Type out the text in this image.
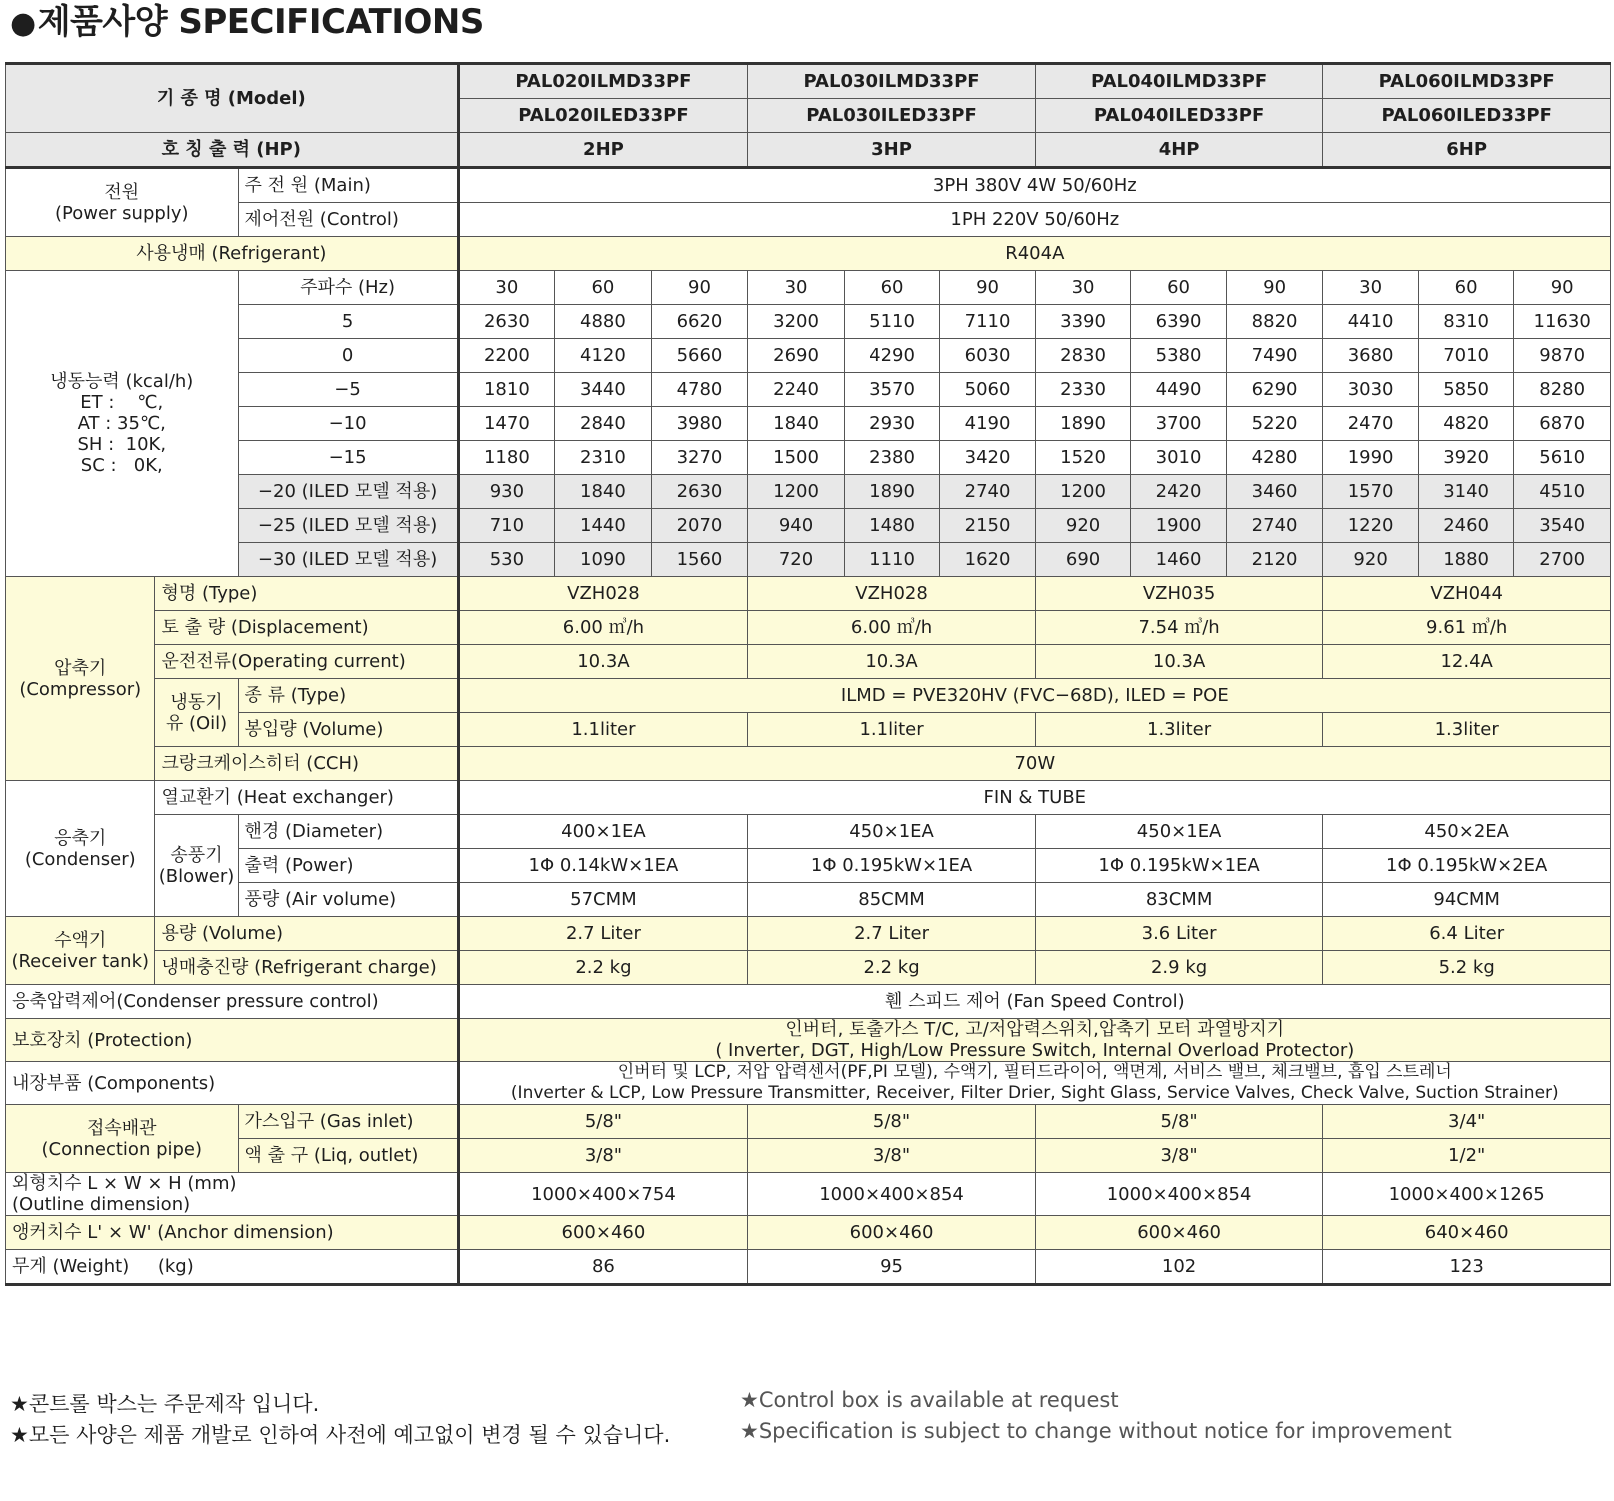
●제품사양 SPECIFICATIONS
기 종 명 (Model)			PAL020ILMD33PF			PAL030ILMD33PF			PAL040ILMD33PF			PAL060ILMD33PF		
			PAL020ILED33PF			PAL030ILED33PF			PAL040ILED33PF			PAL060ILED33PF		
호 칭 출 력 (HP)			2HP			3HP			4HP			6HP		

전원
(Power supply)		주 전 원 (Main)	3PH 380V 4W 50/60Hz											
		제어전원 (Control)	1PH 220V 50/60Hz											
사용냉매 (Refrigerant)			R404A											

냉동능력 (kcal/h)
ET :    ℃,
AT : 35℃,
SH :  10K,
SC :   0K,		주파수 (Hz)	30	60	90	30	60	90	30	60	90	30	60	90
		5	2630	4880	6620	3200	5110	7110	3390	6390	8820	4410	8310	11630
		0	2200	4120	5660	2690	4290	6030	2830	5380	7490	3680	7010	9870
		−5	1810	3440	4780	2240	3570	5060	2330	4490	6290	3030	5850	8280
		−10	1470	2840	3980	1840	2930	4190	1890	3700	5220	2470	4820	6870
		−15	1180	2310	3270	1500	2380	3420	1520	3010	4280	1990	3920	5610
		−20 (ILED 모델 적용)	930	1840	2630	1200	1890	2740	1200	2420	3460	1570	3140	4510
		−25 (ILED 모델 적용)	710	1440	2070	940	1480	2150	920	1900	2740	1220	2460	3540
		−30 (ILED 모델 적용)	530	1090	1560	720	1110	1620	690	1460	2120	920	1880	2700

압축기
(Compressor)	형명 (Type)		VZH028			VZH028			VZH035			VZH044		
	토 출 량 (Displacement)		6.00 ㎥/h			6.00 ㎥/h			7.54 ㎥/h			9.61 ㎥/h		
	운전전류(Operating current)		10.3A			10.3A			10.3A			12.4A		

	냉동기
유 (Oil)	종 류 (Type)	ILMD = PVE320HV (FVC−68D), ILED = POE											
		봉입량 (Volume)	1.1liter			1.1liter			1.3liter			1.3liter		
	크랑크케이스히터 (CCH)		70W											

응축기
(Condenser)	열교환기 (Heat exchanger)		FIN & TUBE											

	송풍기
(Blower)	핸경 (Diameter)	400×1EA			450×1EA			450×1EA			450×2EA		
		출력 (Power)	1Φ 0.14kW×1EA			1Φ 0.195kW×1EA			1Φ 0.195kW×1EA			1Φ 0.195kW×2EA		
		풍량 (Air volume)	57CMM			85CMM			83CMM			94CMM		

수액기
(Receiver tank)	용량 (Volume)		2.7 Liter			2.7 Liter			3.6 Liter			6.4 Liter		
	냉매충진량 (Refrigerant charge)		2.2 kg			2.2 kg			2.9 kg			5.2 kg		
응축압력제어(Condenser pressure control)			휀 스피드 제어 (Fan Speed Control)											
보호장치 (Protection)			인버터, 토출가스 T/C, 고/저압력스위치,압축기 모터 과열방지기
( Inverter, DGT, High/Low Pressure Switch, Internal Overload Protector)											

내장부품 (Components)			인버터 및 LCP, 저압 압력센서(PF,PI 모델), 수액기, 필터드라이어, 액면계, 서비스 밸브, 체크밸브, 흡입 스트레너
(Inverter & LCP, Low Pressure Transmitter, Receiver, Filter Drier, Sight Glass, Service Valves, Check Valve, Suction Strainer)											

접속배관
(Connection pipe)		가스입구 (Gas inlet)	5/8"			5/8"			5/8"			3/4"		
		액 출 구 (Liq, outlet)	3/8"			3/8"			3/8"			1/2"		

외형치수 L × W × H (mm)
(Outline dimension)			1000×400×754			1000×400×854			1000×400×854			1000×400×1265		
앵커치수 L' × W' (Anchor dimension)			600×460			600×460			600×460			640×460		
무게 (Weight)     (kg)			86			95			102			123		
★콘트롤 박스는 주문제작 입니다.
★모든 사양은 제품 개발로 인하여 사전에 예고없이 변경 될 수 있습니다.
★Control box is available at request
★Specification is subject to change without notice for improvement
